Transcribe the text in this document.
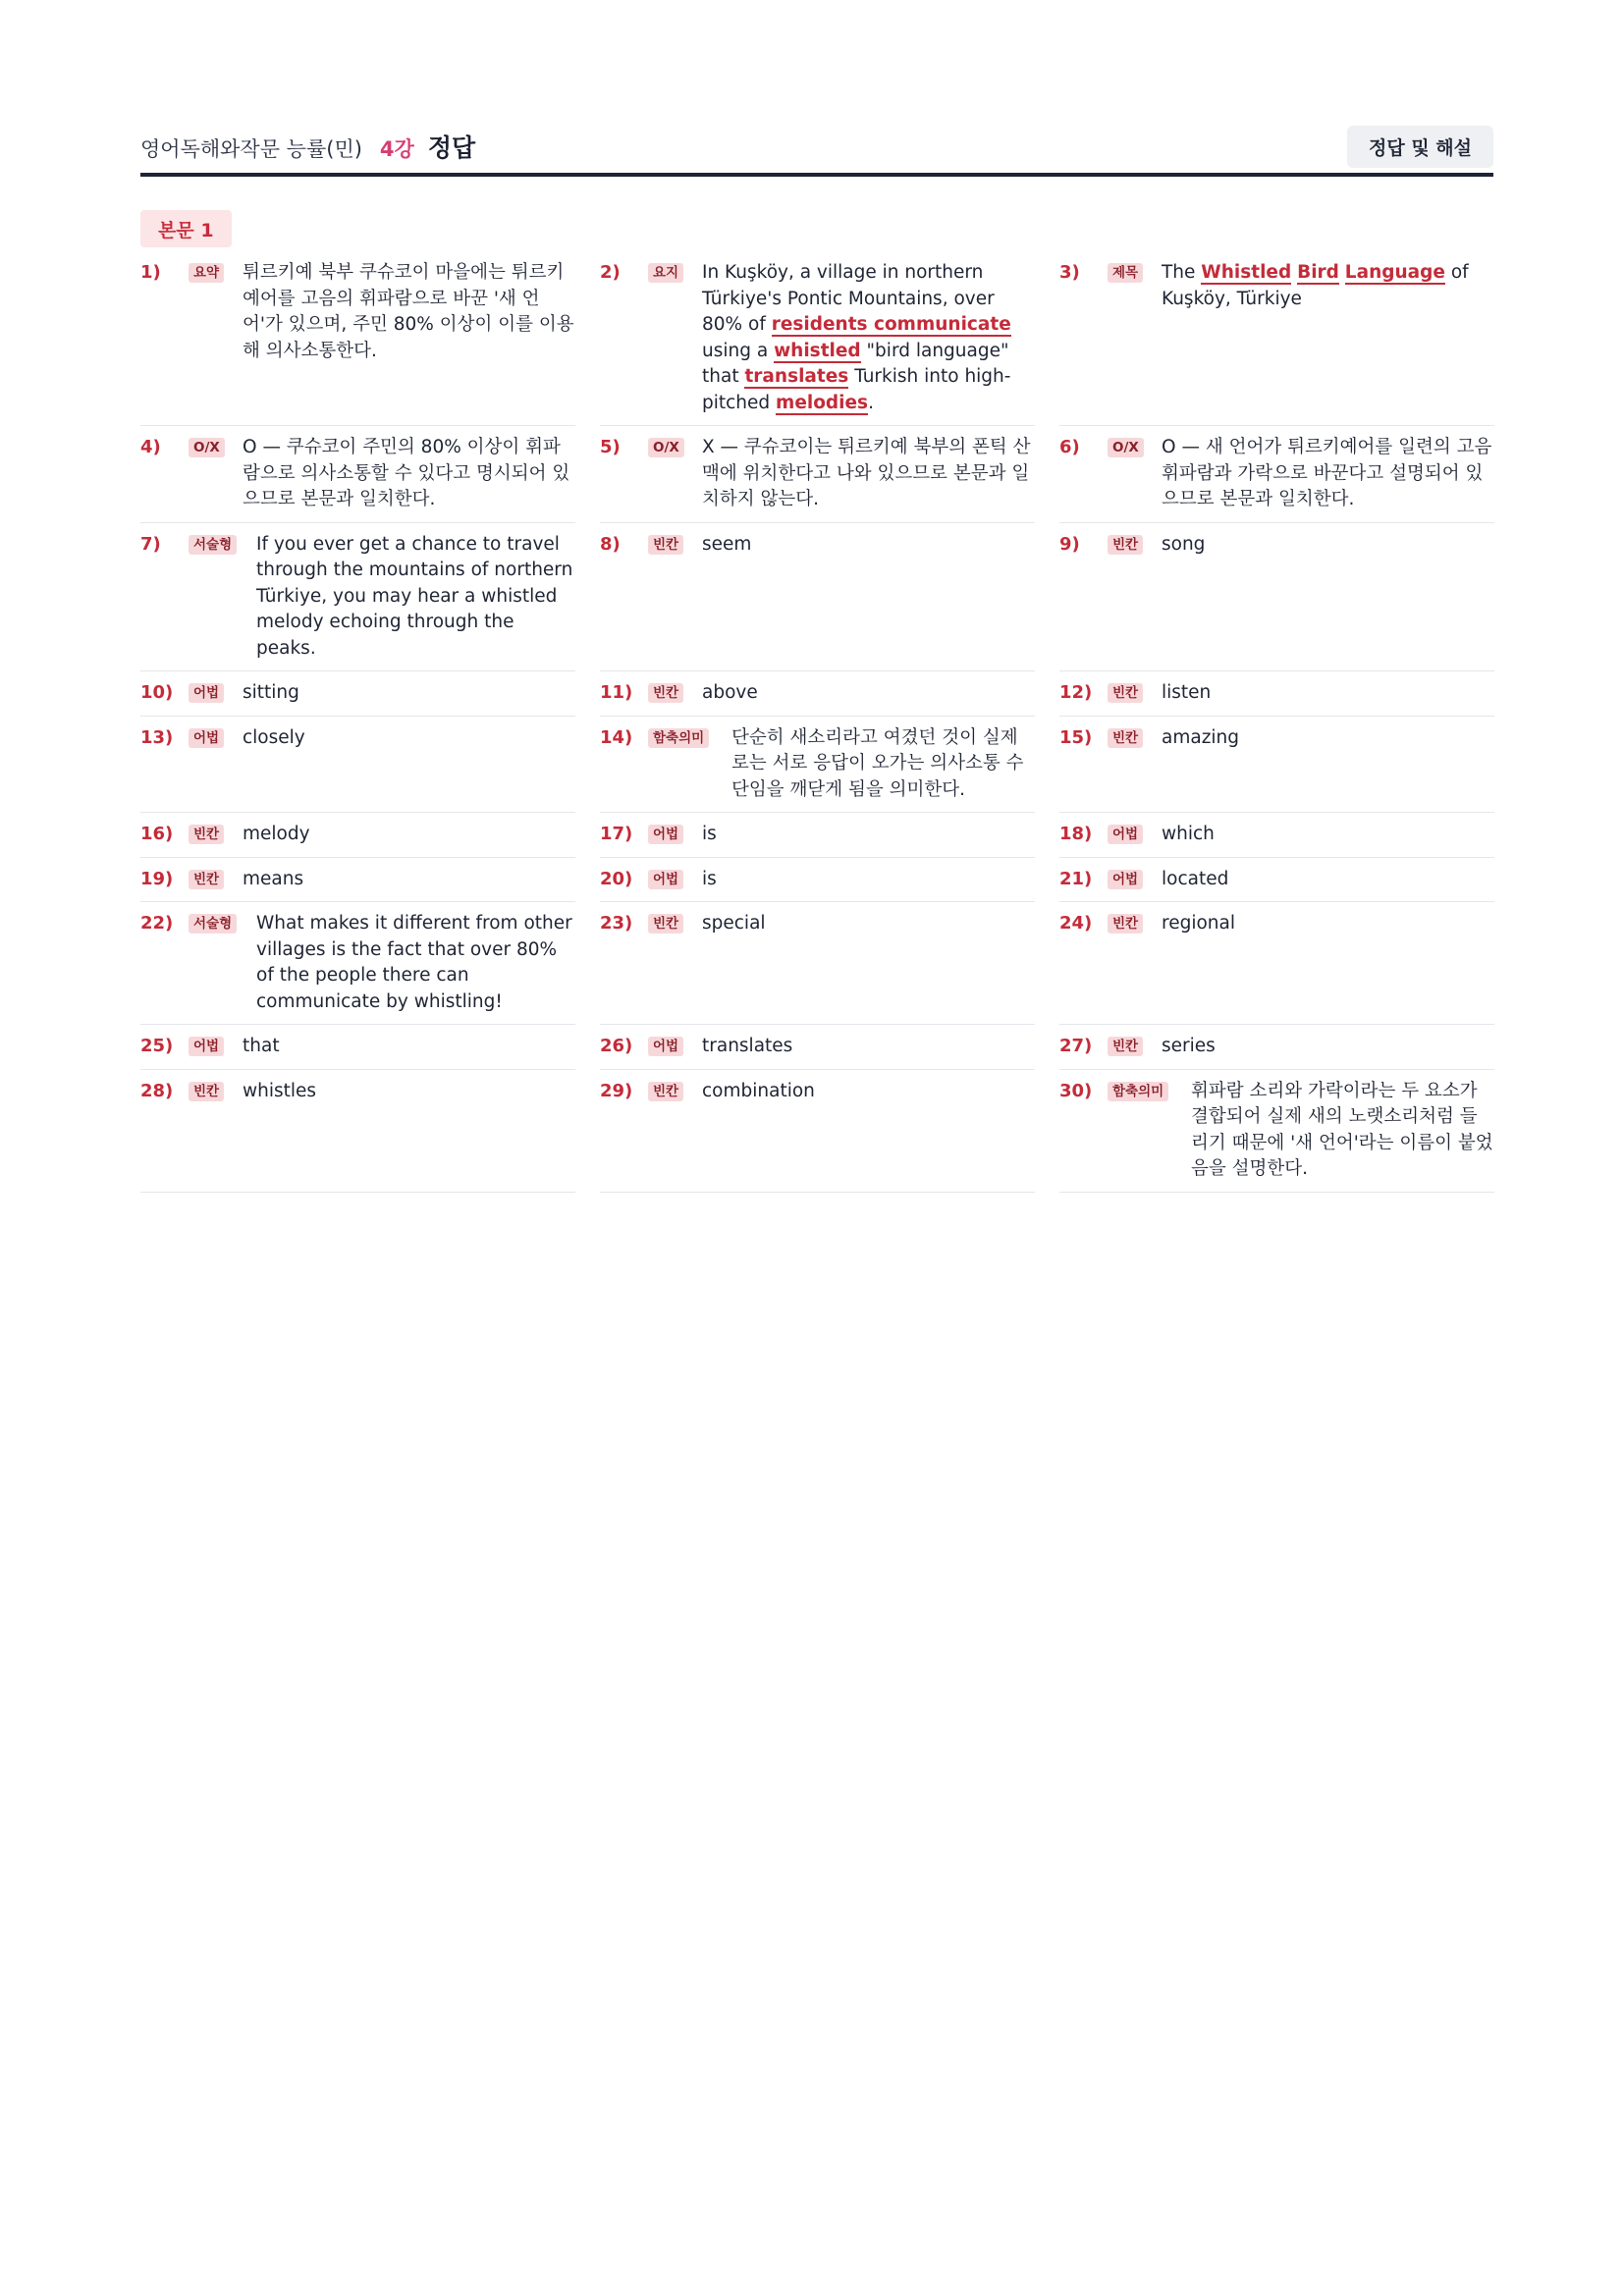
영어독해와작문 능률(민) 4강 정답	정답 및 해설
본문 1
1)	요약	튀르키예 북부 쿠슈코이 마을에는 튀르키예어를 고음의 휘파람으로 바꾼 '새 언어'가 있으며, 주민 80% 이상이 이를 이용해 의사소통한다.
2)	요지	In Kuşköy, a village in northern Türkiye's Pontic Mountains, over 80% of residents communicate using a whistled "bird language" that translates Turkish into high-pitched melodies.
3)	제목	The Whistled Bird Language of Kuşköy, Türkiye
4)	O/X	O — 쿠슈코이 주민의 80% 이상이 휘파람으로 의사소통할 수 있다고 명시되어 있으므로 본문과 일치한다.
5)	O/X	X — 쿠슈코이는 튀르키예 북부의 폰틱 산맥에 위치한다고 나와 있으므로 본문과 일치하지 않는다.
6)	O/X	O — 새 언어가 튀르키예어를 일련의 고음 휘파람과 가락으로 바꾼다고 설명되어 있으므로 본문과 일치한다.
7)	서술형	If you ever get a chance to travel through the mountains of northern Türkiye, you may hear a whistled melody echoing through the peaks.
8)	빈칸	seem	9)	빈칸	song
10)	어법	sitting	11)	빈칸	above	12)	빈칸	listen
13)	어법	closely	14)	함축의미	단순히 새소리라고 여겼던 것이 실제로는 서로 응답이 오가는 의사소통 수단임을 깨닫게 됨을 의미한다.
15)	빈칸	amazing
16)	빈칸	melody	17)	어법	is	18)	어법	which
19)	빈칸	means	20)	어법	is	21)	어법	located
22)	서술형	What makes it different from other villages is the fact that over 80% of the people there can communicate by whistling!
23)	빈칸	special	24)	빈칸	regional
25)	어법	that	26)	어법	translates	27)	빈칸	series
28)	빈칸	whistles	29)	빈칸	combination	30)	함축의미	휘파람 소리와 가락이라는 두 요소가 결합되어 실제 새의 노랫소리처럼 들리기 때문에 '새 언어'라는 이름이 붙었음을 설명한다.
